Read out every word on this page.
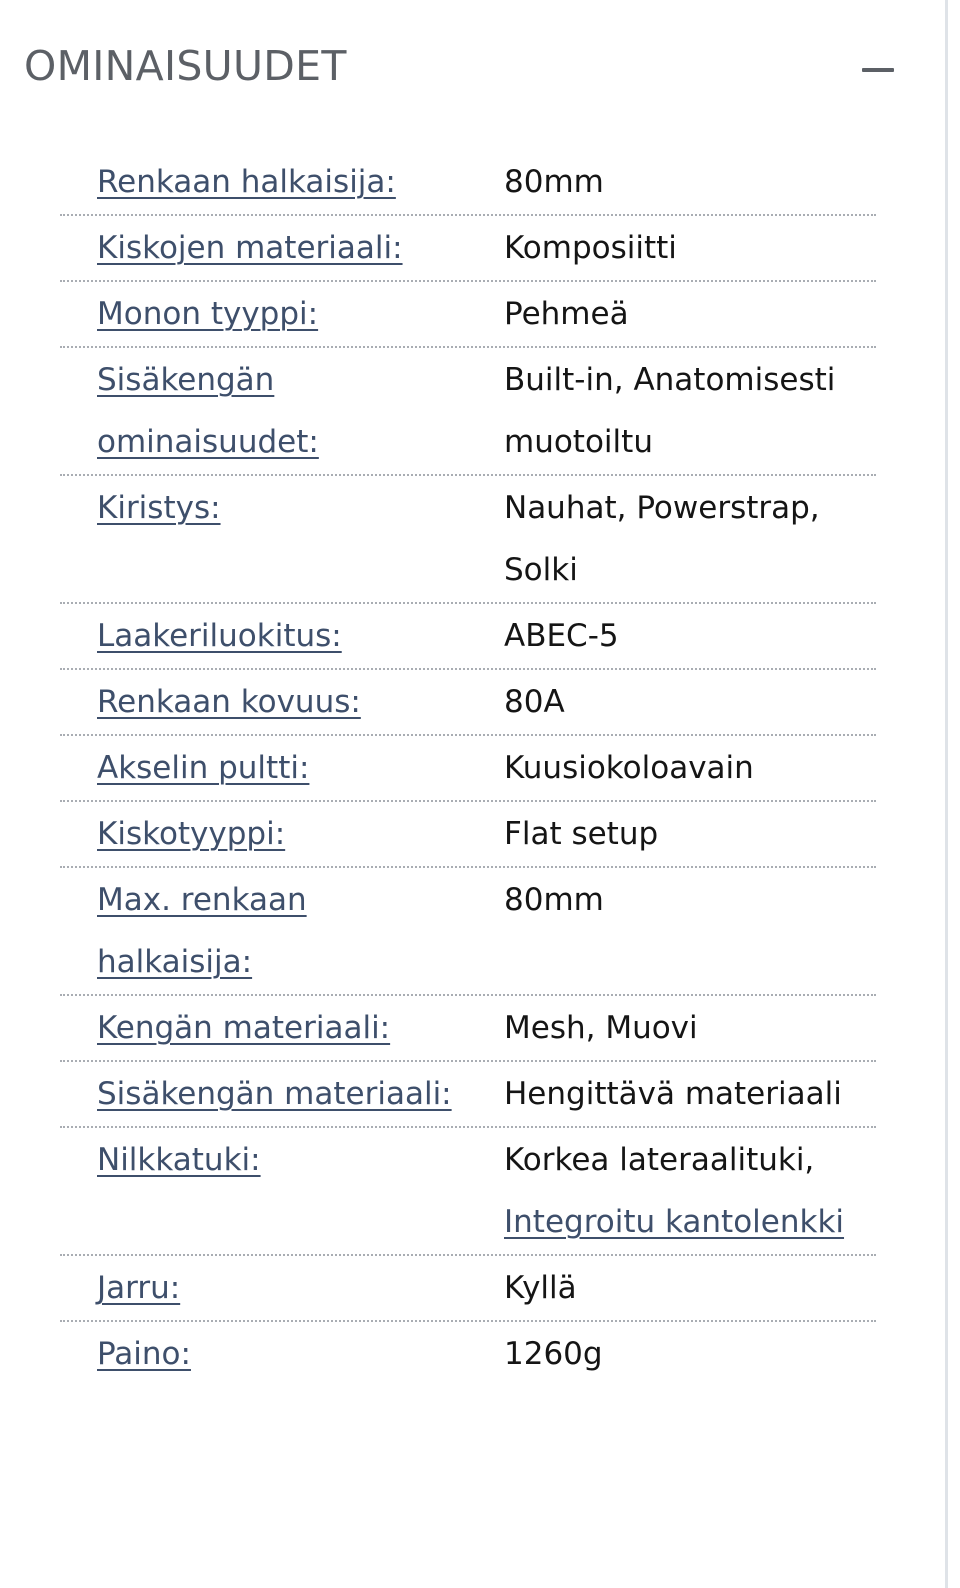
OMINAISUUDET
Renkaan halkaisija:	80mm
Kiskojen materiaali:	Komposiitti
Monon tyyppi:	Pehmeä
Sisäkengän ominaisuudet:
Built-in, Anatomisesti muotoiltu
Kiristys:	Nauhat, Powerstrap, Solki
Laakeriluokitus:	ABEC-5
Renkaan kovuus:	80A
Akselin pultti:	Kuusiokoloavain
Kiskotyyppi:	Flat setup
Max. renkaan halkaisija:
80mm
Kengän materiaali:	Mesh, Muovi
Sisäkengän materiaali:	Hengittävä materiaali
Nilkkatuki:	Korkea lateraalituki, Integroitu kantolenkki
Jarru:	Kyllä
Paino:	1260g
